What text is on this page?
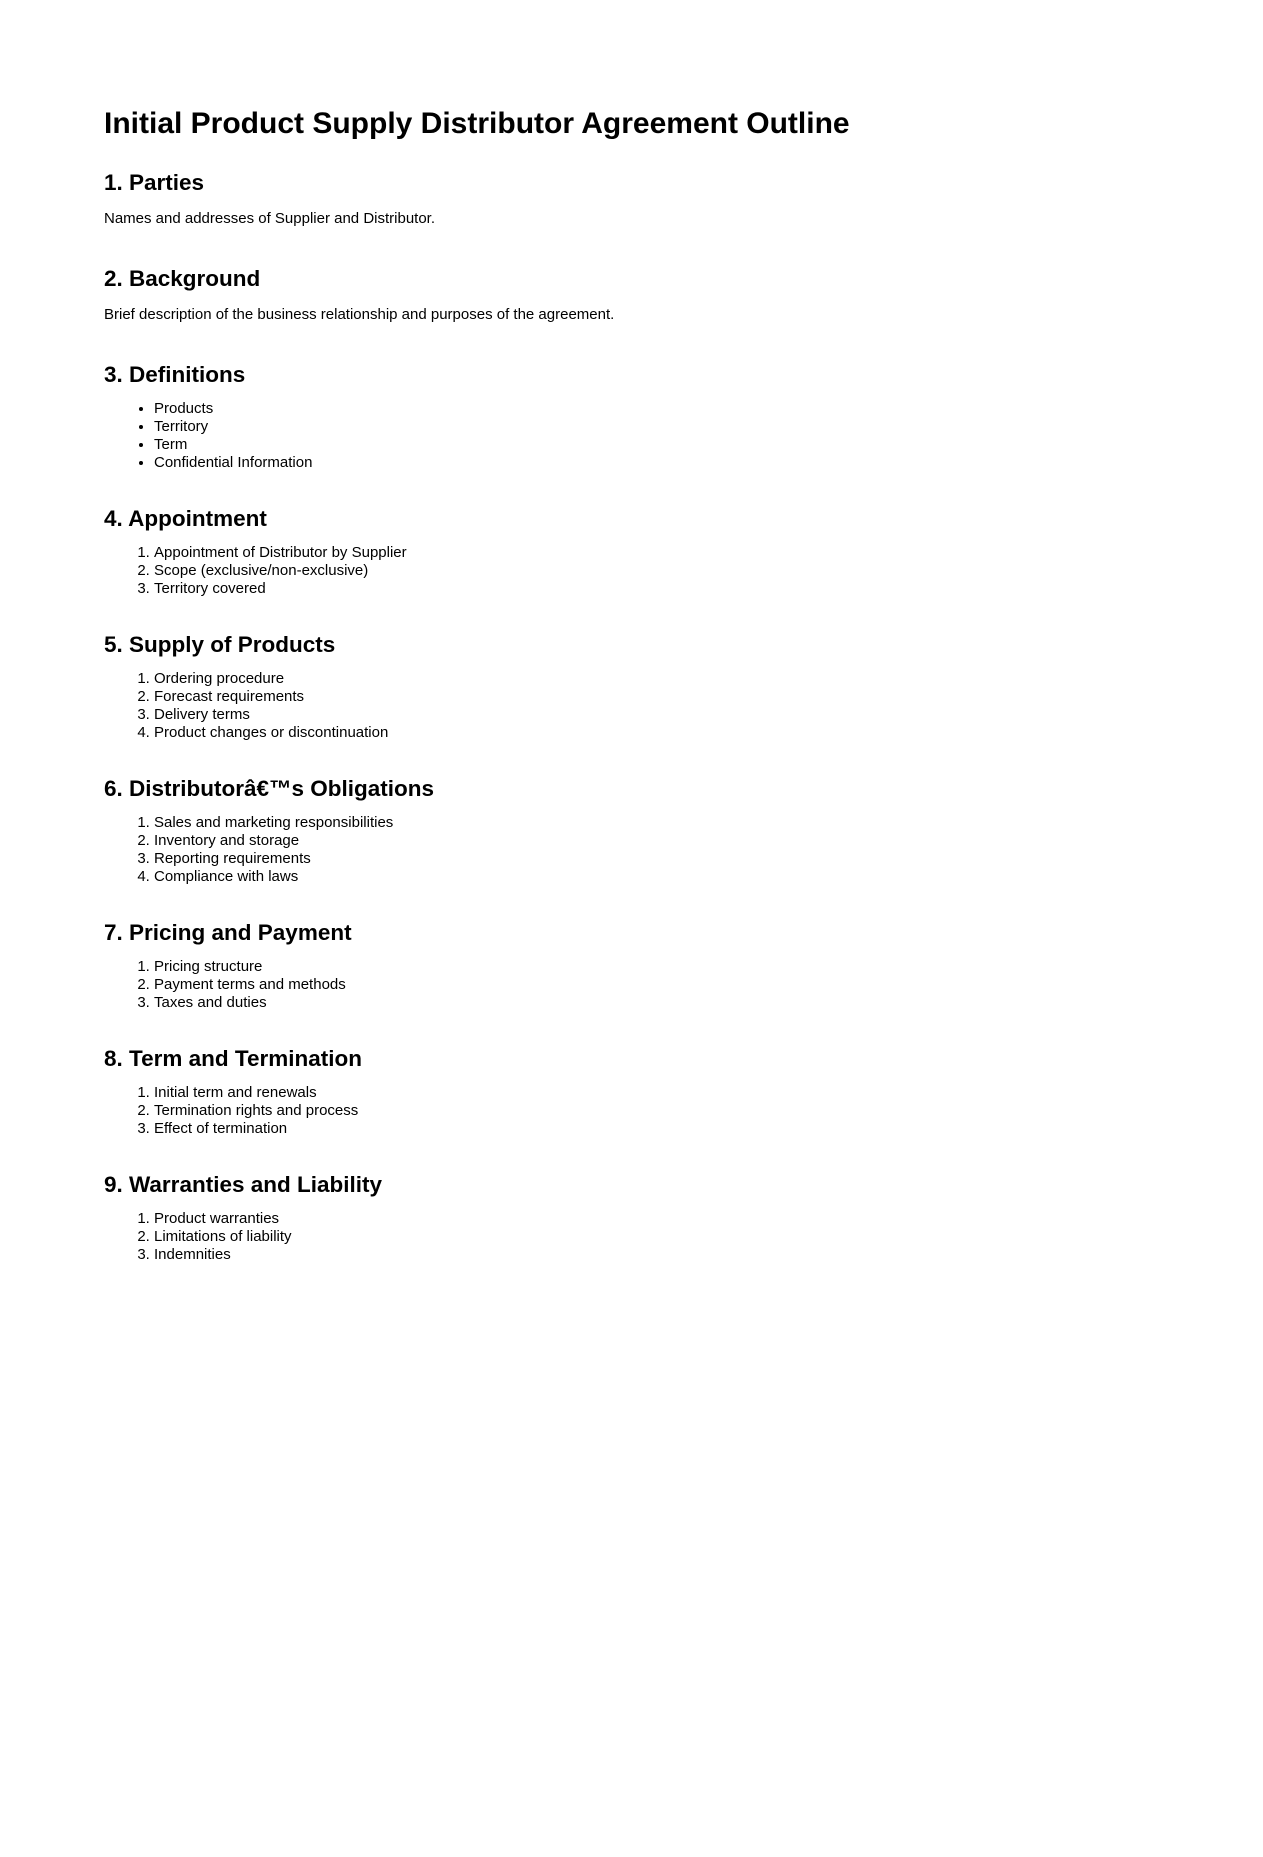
Initial Product Supply Distributor Agreement Outline
1. Parties

Names and addresses of Supplier and Distributor.

2. Background

Brief description of the business relationship and purposes of the agreement.

3. Definitions
• Products
• Territory
• Term
• Confidential Information
4. Appointment
1. Appointment of Distributor by Supplier
2. Scope (exclusive/non-exclusive)
3. Territory covered
5. Supply of Products
1. Ordering procedure
2. Forecast requirements
3. Delivery terms
4. Product changes or discontinuation
6. Distributorâ€™s Obligations
1. Sales and marketing responsibilities
2. Inventory and storage
3. Reporting requirements
4. Compliance with laws
7. Pricing and Payment
1. Pricing structure
2. Payment terms and methods
3. Taxes and duties
8. Term and Termination
1. Initial term and renewals
2. Termination rights and process
3. Effect of termination
9. Warranties and Liability
1. Product warranties
2. Limitations of liability
3. Indemnities
